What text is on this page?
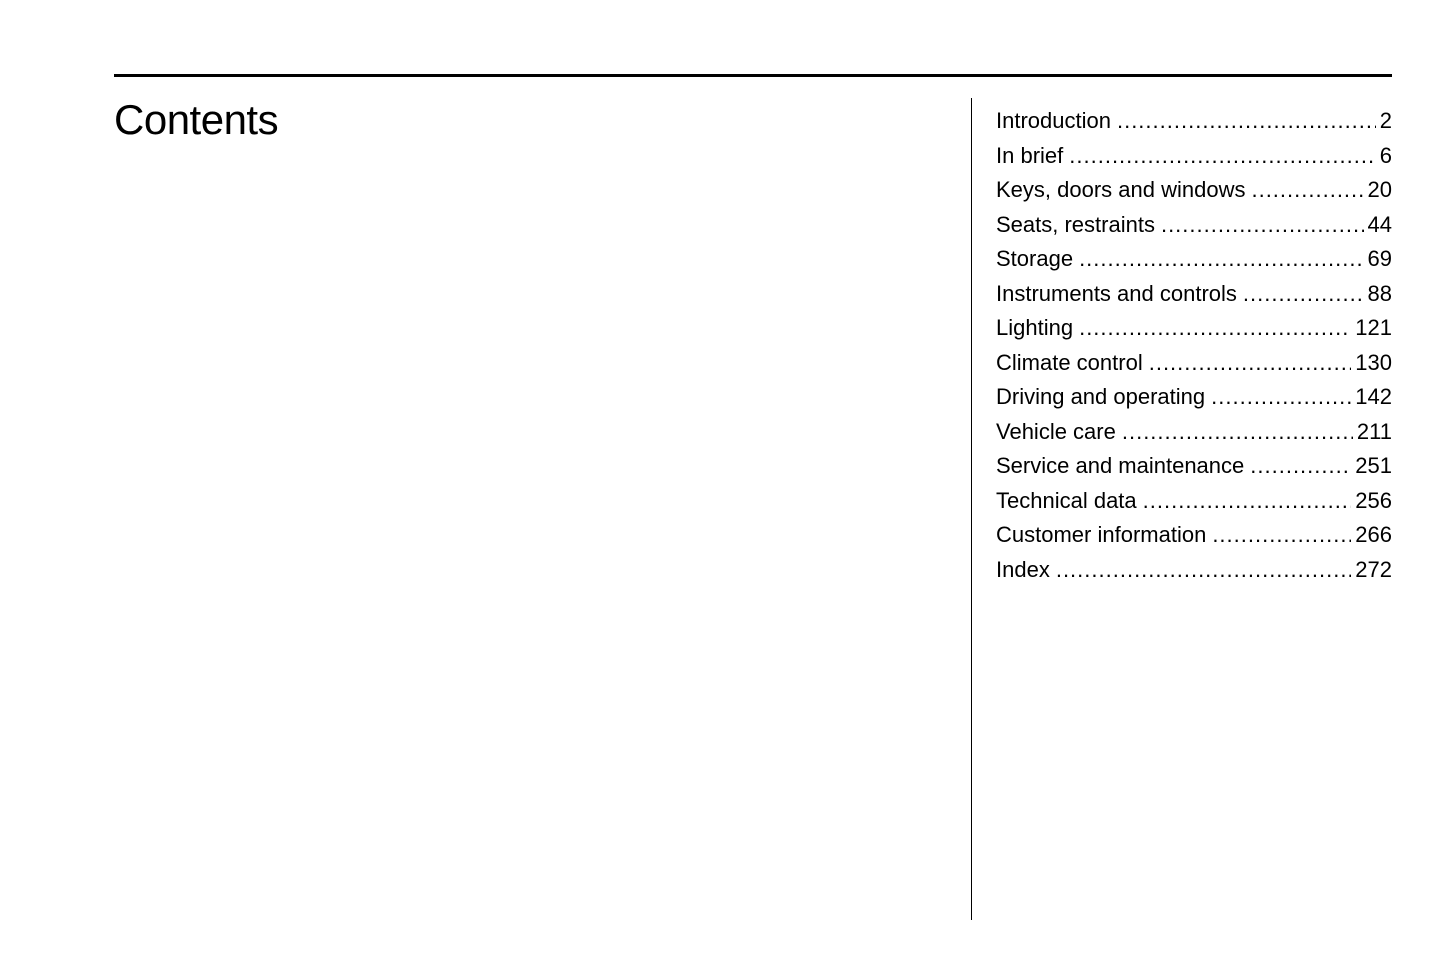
Contents	Introduction .....	2
In brief .....	6
Keys, doors and windows .....	20
Seats, restraints .....	44
Storage .....	69
Instruments and controls .....	88
Lighting .....	121
Climate control .....	130
Driving and operating .....	142
Vehicle care .....	211
Service and maintenance .....	251
Technical data .....	256
Customer information .....	266
Index .....	272
